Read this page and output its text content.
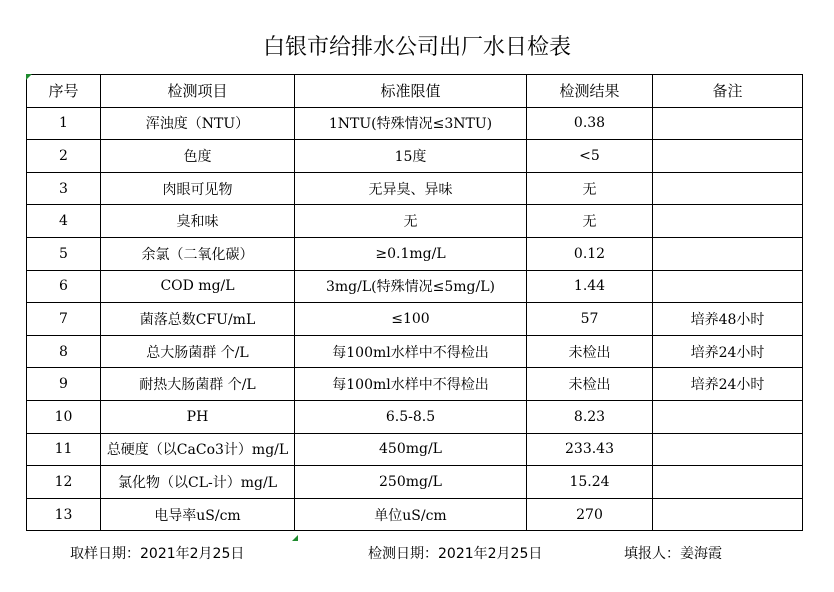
白银市给排水公司出厂水日检表
序号	检测项目	标准限值	检测结果	备注
1	浑浊度（NTU）	1NTU(特殊情况≤3NTU)	0.38	
2	色度	15度	<5	
3	肉眼可见物	无异臭、异味	无	
4	臭和味	无	无	
5	余氯（二氧化碳）	≥0.1mg/L	0.12	
6	COD mg/L	3mg/L(特殊情况≤5mg/L)	1.44	
7	菌落总数CFU/mL	≤100	57	培养48小时
8	总大肠菌群 个/L	每100ml水样中不得检出	未检出	培养24小时
9	耐热大肠菌群 个/L	每100ml水样中不得检出	未检出	培养24小时
10	PH	6.5-8.5	8.23	
11	总硬度（以CaCo3计）mg/L	450mg/L	233.43	
12	氯化物（以CL-计）mg/L	250mg/L	15.24	
13	电导率uS/cm	单位uS/cm	270	
取样日期：2021年2月25日	检测日期：2021年2月25日	填报人：姜海霞
